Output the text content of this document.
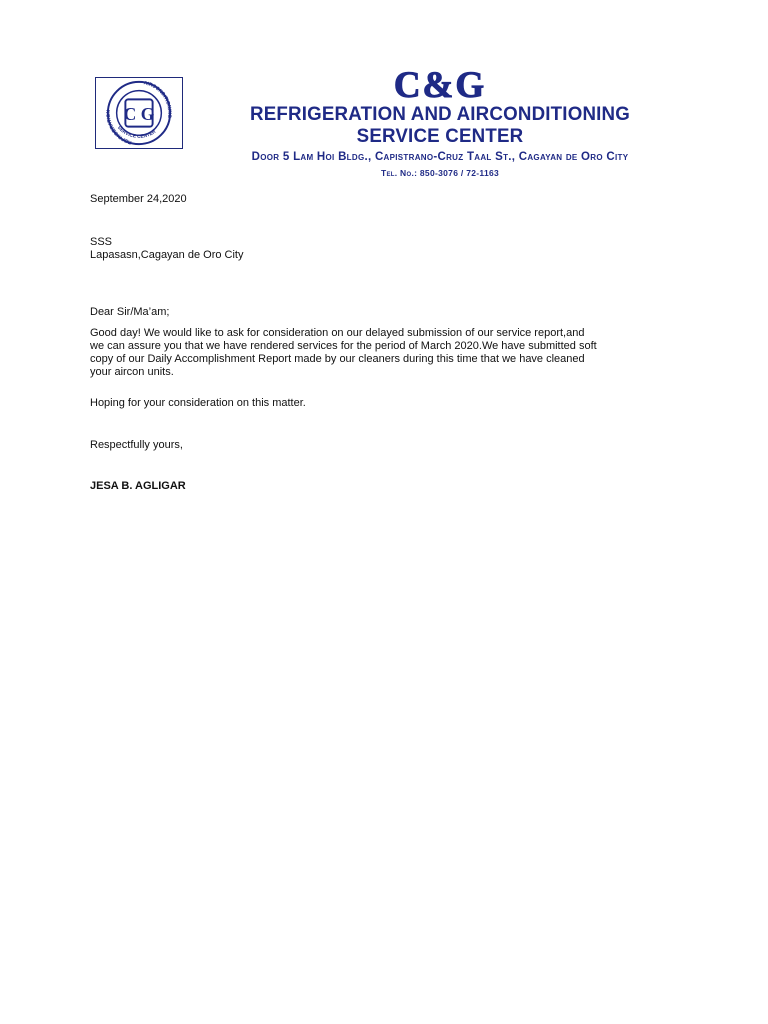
REFRIGERATION
AIRCONDITIONING
SERVICE CENTER
C G
C&G
REFRIGERATION AND AIRCONDITIONING SERVICE CENTER
Door 5 Lam Hoi Bldg., Capistrano-Cruz Taal St., Cagayan de Oro City
Tel. No.: 850-3076 / 72-1163
September 24,2020
SSS
Lapasasn,Cagayan de Oro City
Dear Sir/Ma’am;
Good day! We would like to ask for consideration on our delayed submission of our service report,and
we can assure you that we have rendered services for the period of March 2020.We have submitted soft
copy of our Daily Accomplishment Report made by our cleaners during this time that we have cleaned
your aircon units.
Hoping for your consideration on this matter.
Respectfully yours,
JESA B. AGLIGAR
